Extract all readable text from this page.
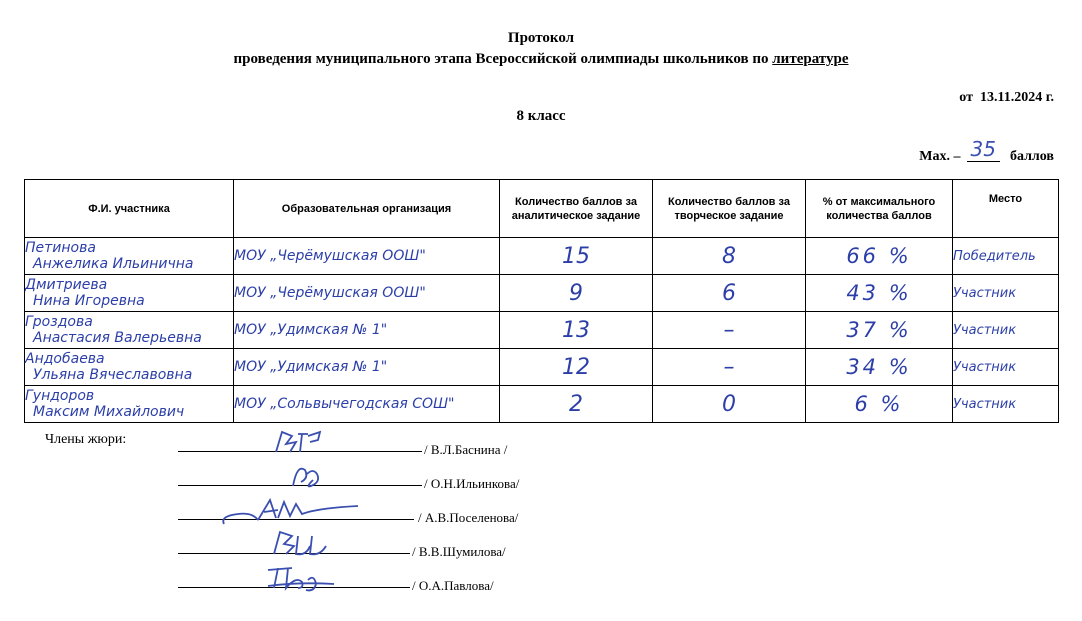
Протокол
проведения муниципального этапа Всероссийской олимпиады школьников по литературе
от 13.11.2024 г.
8 класс
Max. – 35 баллов
Ф.И. участника	Образовательная организация	Количество баллов за аналитическое задание	Количество баллов за творческое задание	% от максимального количества баллов	Место

Петинова
Анжелика Ильинична	МОУ „Черёмушская ООШ"	15	8	66 %	Победитель

Дмитриева
Нина Игоревна	МОУ „Черёмушская ООШ"	9	6	43 %	Участник

Гроздова
Анастасия Валерьевна	МОУ „Удимская № 1"	13	–	37 %	Участник

Андобаева
Ульяна Вячеславовна	МОУ „Удимская № 1"	12	–	34 %	Участник

Гундоров
Максим Михайлович	МОУ „Сольвычегодская СОШ"	2	0	6 %	Участник
Члены жюри:
/ В.Л.Баснина /
/ О.Н.Ильинкова/
/ А.В.Поселенова/
/ В.В.Шумилова/
/ О.А.Павлова/
